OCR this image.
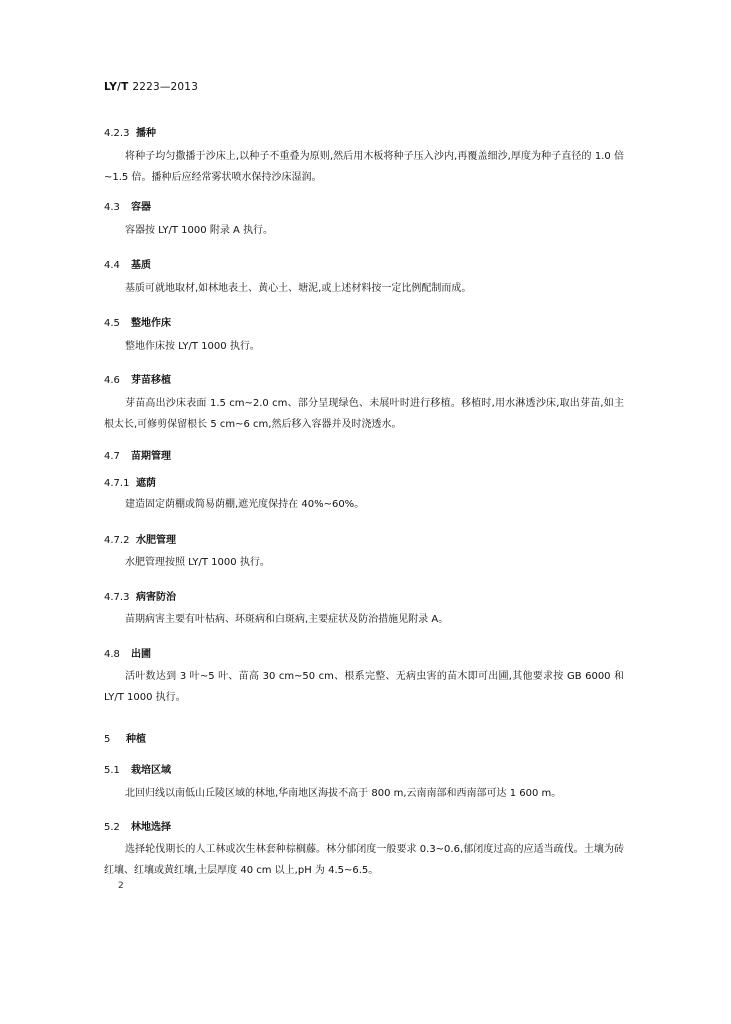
LY/T 2223—2013
4.2.3 播种
将种子均匀撒播于沙床上,以种子不重叠为原则,然后用木板将种子压入沙内,再覆盖细沙,厚度为种子直径的 1.0 倍~1.5 倍。播种后应经常雾状喷水保持沙床湿润。
4.3 容器
容器按 LY/T 1000 附录 A 执行。
4.4 基质
基质可就地取材,如林地表土、黄心土、塘泥,或上述材料按一定比例配制而成。
4.5 整地作床
整地作床按 LY/T 1000 执行。
4.6 芽苗移植
芽苗高出沙床表面 1.5 cm~2.0 cm、部分呈现绿色、未展叶时进行移植。移植时,用水淋透沙床,取出芽苗,如主根太长,可修剪保留根长 5 cm~6 cm,然后移入容器并及时浇透水。
4.7 苗期管理
4.7.1 遮荫
建造固定荫棚或简易荫棚,遮光度保持在 40%~60%。
4.7.2 水肥管理
水肥管理按照 LY/T 1000 执行。
4.7.3 病害防治
苗期病害主要有叶枯病、环斑病和白斑病,主要症状及防治措施见附录 A。
4.8 出圃
活叶数达到 3 叶~5 叶、苗高 30 cm~50 cm、根系完整、无病虫害的苗木即可出圃,其他要求按 GB 6000 和 LY/T 1000 执行。
5 种植
5.1 栽培区域
北回归线以南低山丘陵区域的林地,华南地区海拔不高于 800 m,云南南部和西南部可达 1 600 m。
5.2 林地选择
选择轮伐期长的人工林或次生林套种棕榈藤。林分郁闭度一般要求 0.3~0.6,郁闭度过高的应适当疏伐。土壤为砖红壤、红壤或黄红壤,土层厚度 40 cm 以上,pH 为 4.5~6.5。
2
